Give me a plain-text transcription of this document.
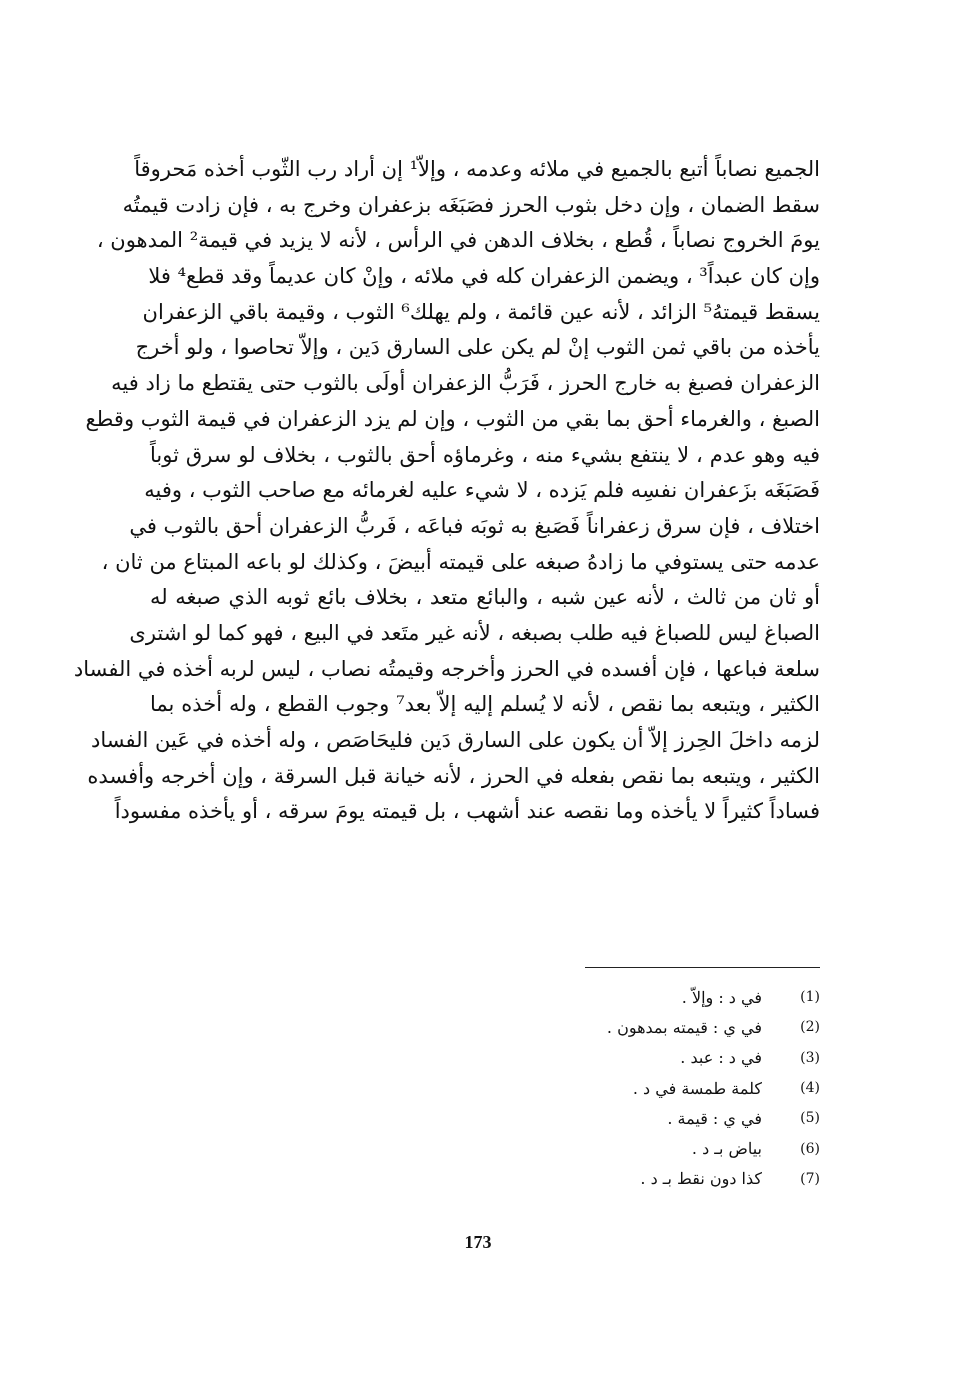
الجميع نصاباً أتبع بالجميع في ملائه وعدمه ، وإلاّ¹ إن أراد رب الثّوب أخذه مَحروقاً
سقط الضمان ، وإن دخل بثوب الحرز فصَبَغَه بزعفران وخرج به ، فإن زادت قيمتُه
يومَ الخروج نصاباً ، قُطع ، بخلاف الدهن في الرأس ، لأنه لا يزيد في قيمة² المدهون ،
وإن كان عبداً³ ، ويضمن الزعفران كله في ملائه ، وإنْ كان عديماً وقد قطع⁴ فلا
يسقط قيمتهُ⁵ الزائد ، لأنه عين قائمة ، ولم يهلك⁶ الثوب ، وقيمة باقي الزعفران
يأخذه من باقي ثمن الثوب إنْ لم يكن على السارق دَين ، وإلاّ تحاصوا ، ولو أخرج
الزعفران فصبغ به خارج الحرز ، فَرَبُّ الزعفران أولَى بالثوب حتى يقتطع ما زاد فيه
الصبغ ، والغرماء أحق بما بقي من الثوب ، وإن لم يزد الزعفران في قيمة الثوب وقطع
فيه وهو عدم ، لا ينتفع بشيء منه ، وغرماؤه أحق بالثوب ، بخلاف لو سرق ثوباً
فَصَبَغَه بزَعفران نفسِه فلم يَزده ، لا شيء عليه لغرمائه مع صاحب الثوب ، وفيه
اختلاف ، فإن سرق زعفراناً فَصَبغ به ثوبَه فباعَه ، فَربُّ الزعفران أحق بالثوب في
عدمه حتى يستوفي ما زادهُ صبغه على قيمته أبيضَ ، وكذلك لو باعه المبتاع من ثان ،
أو ثان من ثالث ، لأنه عين شبه ، والبائع متعد ، بخلاف بائع ثوبه الذي صبغه له
الصباغ ليس للصباغ فيه طلب بصبغه ، لأنه غير متَعد في البيع ، فهو كما لو اشترى
سلعة فباعها ، فإن أفسده في الحرز وأخرجه وقيمتُه نصاب ، ليس لربه أخذه في الفساد
الكثير ، ويتبعه بما نقص ، لأنه لا يُسلم إليه إلاّ بعد⁷ وجوب القطع ، وله أخذه بما
لزمه داخلَ الحِرز إلاّ أن يكون على السارق دَين فليحَاصَص ، وله أخذه في عَين الفساد
الكثير ، ويتبعه بما نقص بفعله في الحرز ، لأنه خيانة قبل السرقة ، وإن أخرجه وأفسده
فساداً كثيراً لا يأخذه وما نقصه عند أشهب ، بل قيمته يومَ سرقه ، أو يأخذه مفسوداً
(1)
في د : وإلاّ .
(2)
في ي : قيمته بمدهون .
(3)
في د : عبد .
(4)
كلمة طمسة في د .
(5)
في ي : قيمة .
(6)
بياض بـ د .
(7)
كذا دون نقط بـ د .
173
